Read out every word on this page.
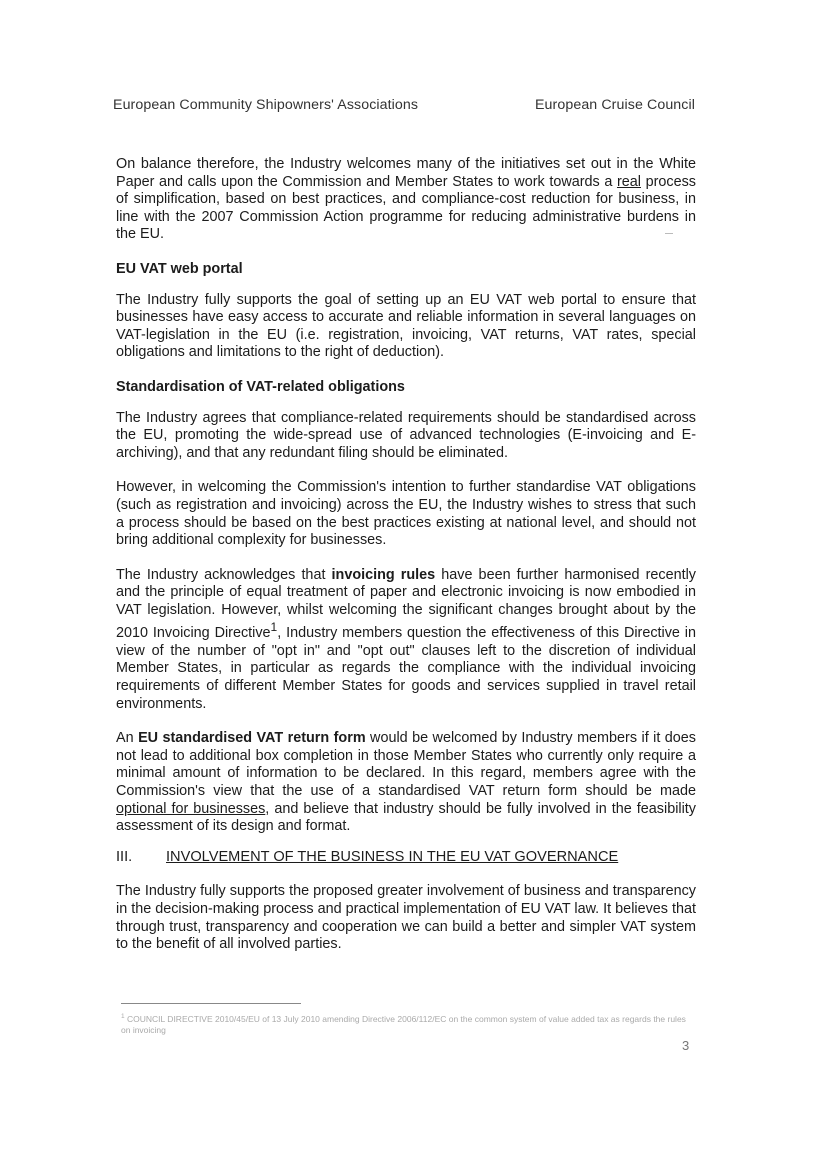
European Community Shipowners' Associations	European Cruise Council

On balance therefore, the Industry welcomes many of the initiatives set out in the White Paper and calls upon the Commission and Member States to work towards a real process of simplification, based on best practices, and compliance-cost reduction for business, in line with the 2007 Commission Action programme for reducing administrative burdens in the EU.

EU VAT web portal

The Industry fully supports the goal of setting up an EU VAT web portal to ensure that businesses have easy access to accurate and reliable information in several languages on VAT-legislation in the EU (i.e. registration, invoicing, VAT returns, VAT rates, special obligations and limitations to the right of deduction).

Standardisation of VAT-related obligations

The Industry agrees that compliance-related requirements should be standardised across the EU, promoting the wide-spread use of advanced technologies (E-invoicing and E-archiving), and that any redundant filing should be eliminated.

However, in welcoming the Commission's intention to further standardise VAT obligations (such as registration and invoicing) across the EU, the Industry wishes to stress that such a process should be based on the best practices existing at national level, and should not bring additional complexity for businesses.

The Industry acknowledges that invoicing rules have been further harmonised recently and the principle of equal treatment of paper and electronic invoicing is now embodied in VAT legislation. However, whilst welcoming the significant changes brought about by the 2010 Invoicing Directive$^1$, Industry members question the effectiveness of this Directive in view of the number of "opt in" and "opt out" clauses left to the discretion of individual Member States, in particular as regards the compliance with the individual invoicing requirements of different Member States for goods and services supplied in travel retail environments.

An EU standardised VAT return form would be welcomed by Industry members if it does not lead to additional box completion in those Member States who currently only require a minimal amount of information to be declared. In this regard, members agree with the Commission's view that the use of a standardised VAT return form should be made optional for businesses, and believe that industry should be fully involved in the feasibility assessment of its design and format.

III.	INVOLVEMENT OF THE BUSINESS IN THE EU VAT GOVERNANCE

The Industry fully supports the proposed greater involvement of business and transparency in the decision-making process and practical implementation of EU VAT law. It believes that through trust, transparency and cooperation we can build a better and simpler VAT system to the benefit of all involved parties.

$^1$ COUNCIL DIRECTIVE 2010/45/EU of 13 July 2010 amending Directive 2006/112/EC on the common system of value added tax as regards the rules on invoicing
3
